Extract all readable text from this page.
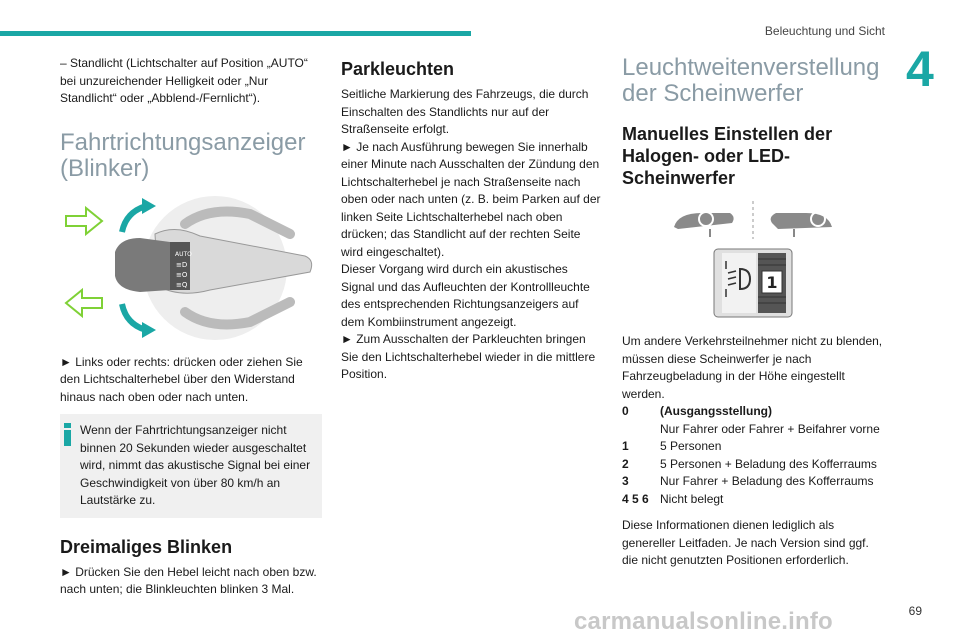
Beleuchtung und Sicht
4

– Standlicht (Lichtschalter auf Position „AUTO“ bei unzureichender Helligkeit oder „Nur Standlicht“ oder „Abblend-/Fernlicht“).

Fahrtrichtungsanzeiger (Blinker)
AUTO
≡D
≡O
≡Q

► Links oder rechts: drücken oder ziehen Sie den Lichtschalterhebel über den Widerstand hinaus nach oben oder nach unten.

Wenn der Fahrtrichtungsanzeiger nicht binnen 20 Sekunden wieder ausgeschaltet wird, nimmt das akustische Signal bei einer Geschwindigkeit von über 80 km/h an Lautstärke zu.

Dreimaliges Blinken

► Drücken Sie den Hebel leicht nach oben bzw. nach unten; die Blinkleuchten blinken 3 Mal.

Parkleuchten

Seitliche Markierung des Fahrzeugs, die durch Einschalten des Standlichts nur auf der Straßenseite erfolgt.

► Je nach Ausführung bewegen Sie innerhalb einer Minute nach Ausschalten der Zündung den Lichtschalterhebel je nach Straßenseite nach oben oder nach unten (z. B. beim Parken auf der linken Seite Lichtschalterhebel nach oben drücken; das Standlicht auf der rechten Seite wird eingeschaltet).

Dieser Vorgang wird durch ein akustisches Signal und das Aufleuchten der Kontrollleuchte des entsprechenden Richtungsanzeigers auf dem Kombiinstrument angezeigt.

► Zum Ausschalten der Parkleuchten bringen Sie den Lichtschalterhebel wieder in die mittlere Position.

Leuchtweitenverstellung der Scheinwerfer
Manuelles Einstellen der Halogen- oder LED-Scheinwerfer
1

Um andere Verkehrsteilnehmer nicht zu blenden, müssen diese Scheinwerfer je nach Fahrzeugbeladung in der Höhe eingestellt werden.

0	(Ausgangsstellung)
Nur Fahrer oder Fahrer + Beifahrer vorne
1	5 Personen
2	5 Personen + Beladung des Kofferraums
3	Nur Fahrer + Beladung des Kofferraums
4 5 6 Nicht belegt

Diese Informationen dienen lediglich als genereller Leitfaden. Je nach Version sind ggf. die nicht genutzten Positionen erforderlich.

69
carmanualsonline.info
